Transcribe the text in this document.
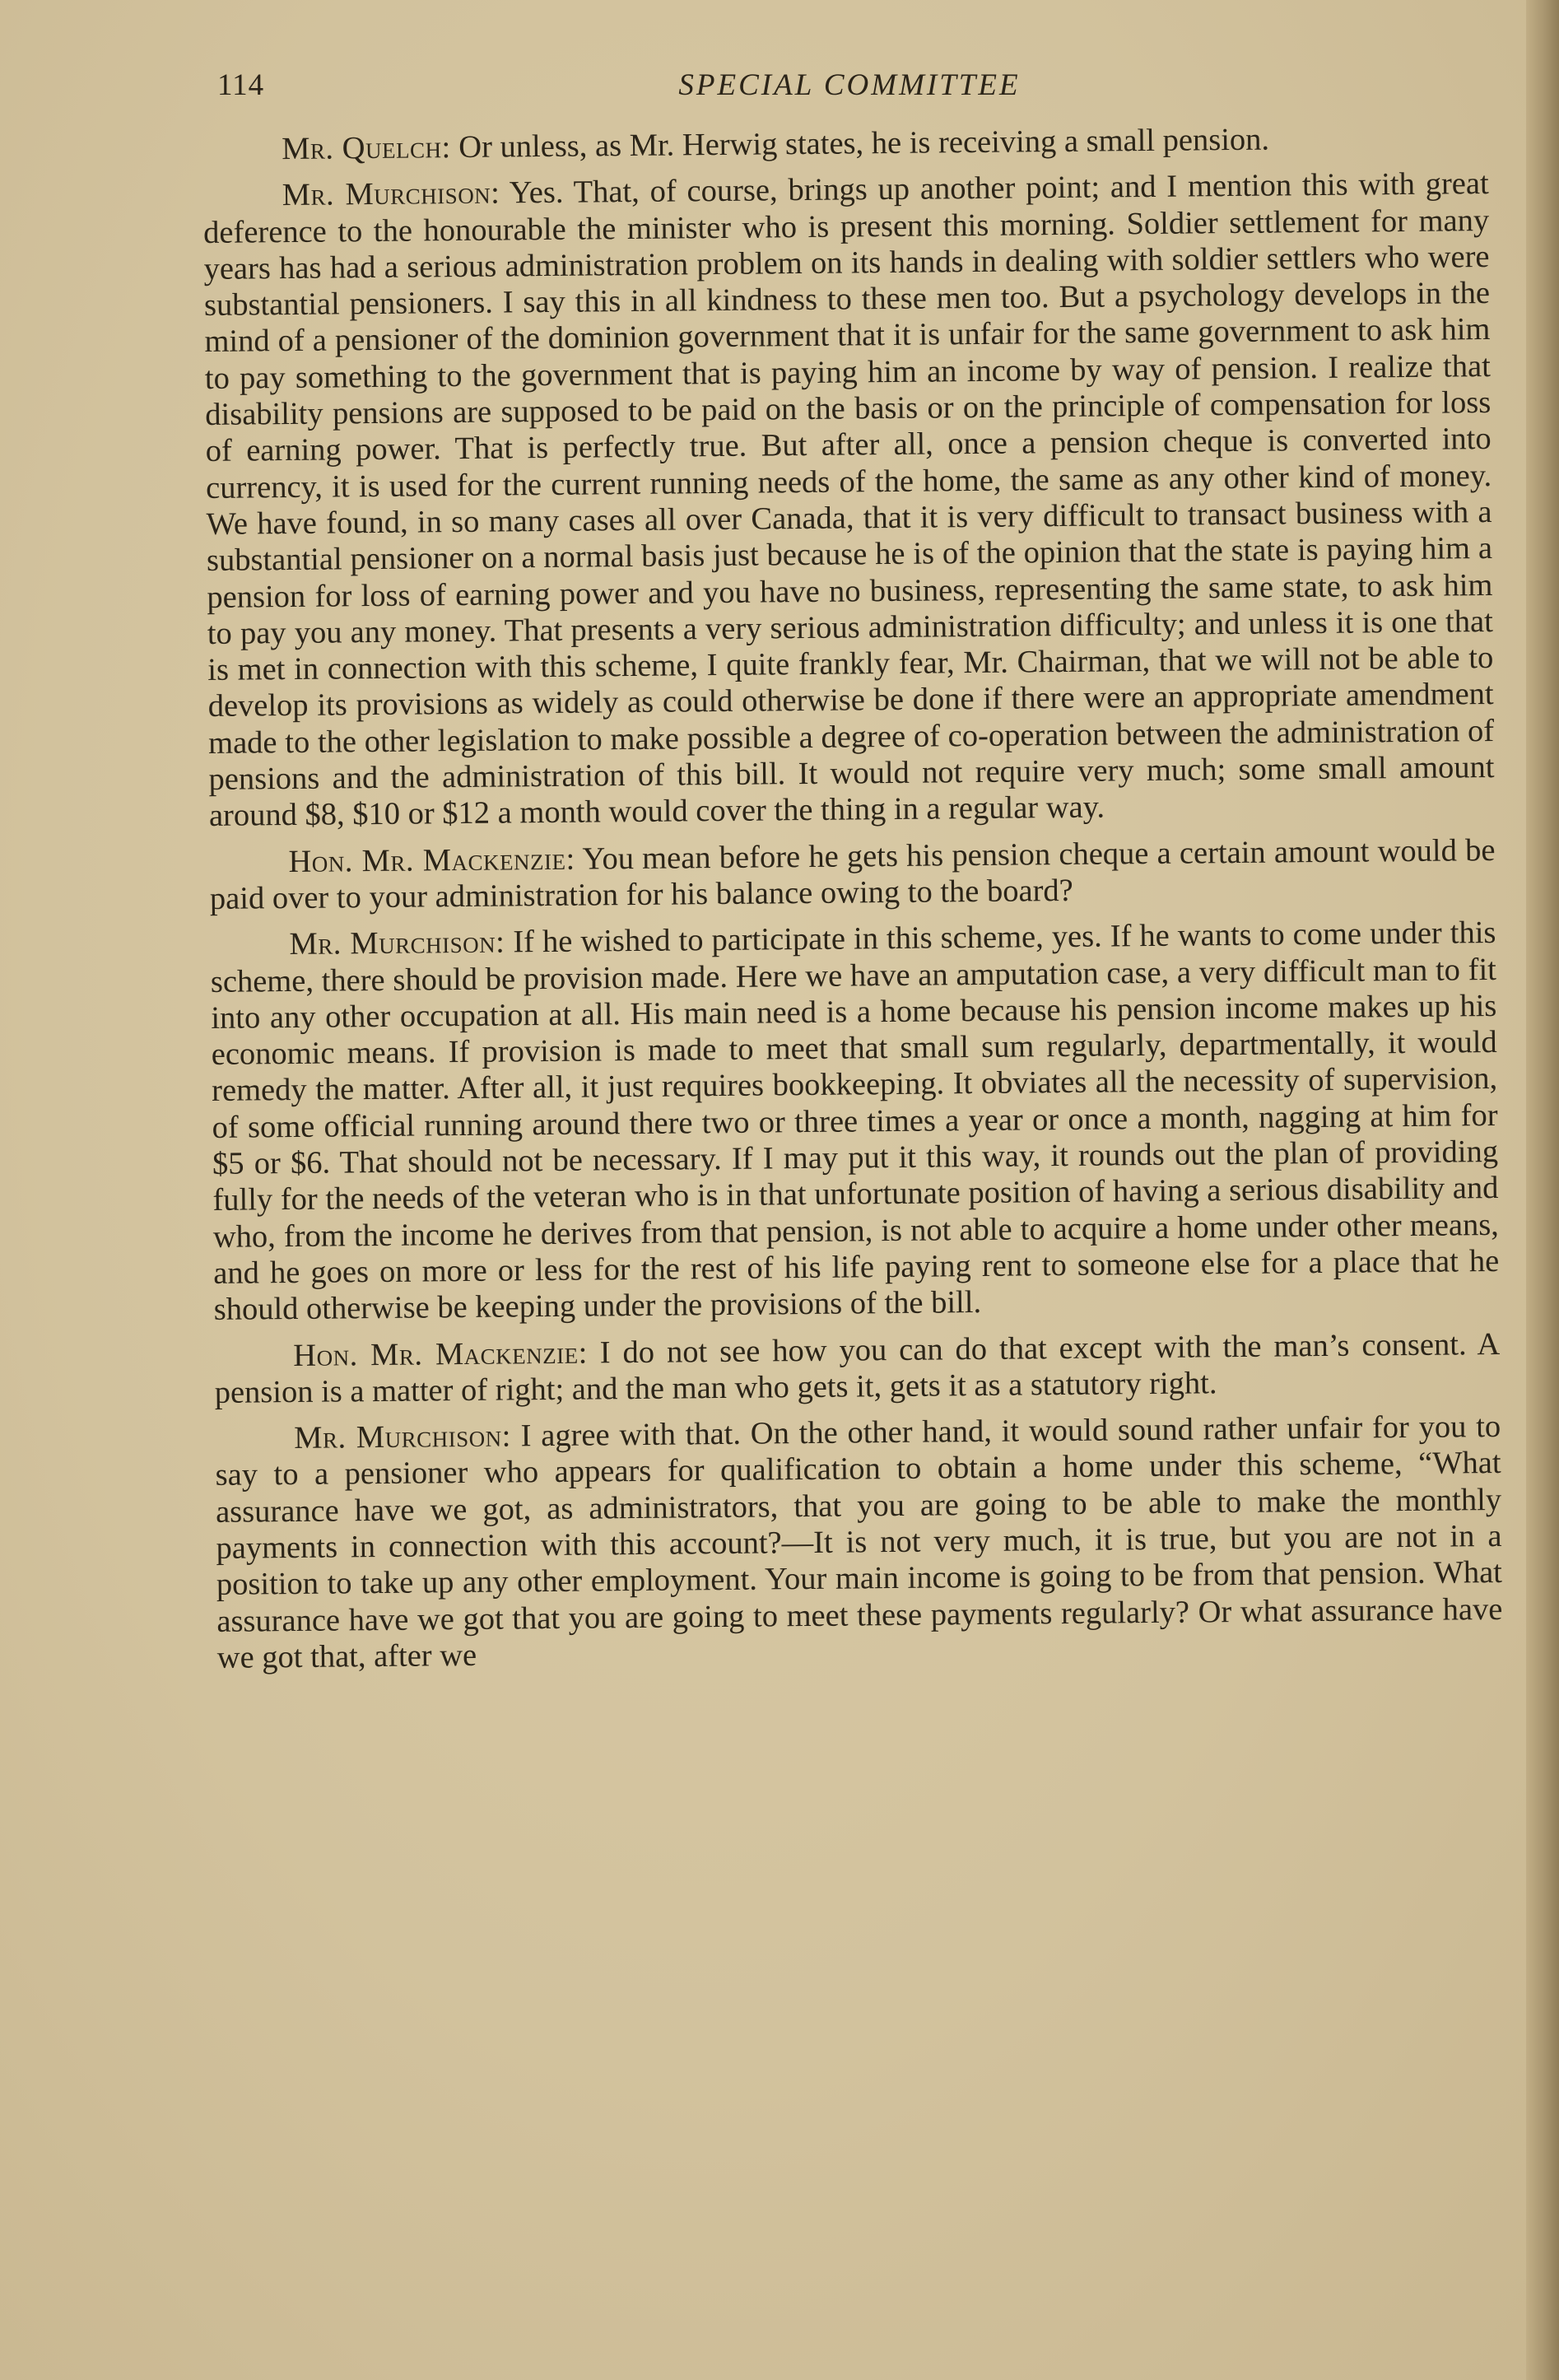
114	SPECIAL COMMITTEE

Mr. Quelch: Or unless, as Mr. Herwig states, he is receiving a small pension.

Mr. Murchison: Yes. That, of course, brings up another point; and I mention this with great deference to the honourable the minister who is present this morning. Soldier settlement for many years has had a serious administration problem on its hands in dealing with soldier settlers who were substantial pensioners. I say this in all kindness to these men too. But a psychology develops in the mind of a pensioner of the dominion government that it is unfair for the same government to ask him to pay something to the government that is paying him an income by way of pension. I realize that disability pensions are supposed to be paid on the basis or on the principle of compensation for loss of earning power. That is perfectly true. But after all, once a pension cheque is converted into currency, it is used for the current running needs of the home, the same as any other kind of money. We have found, in so many cases all over Canada, that it is very difficult to transact business with a substantial pensioner on a normal basis just because he is of the opinion that the state is paying him a pension for loss of earning power and you have no business, representing the same state, to ask him to pay you any money. That presents a very serious administration difficulty; and unless it is one that is met in connection with this scheme, I quite frankly fear, Mr. Chairman, that we will not be able to develop its provisions as widely as could otherwise be done if there were an appropriate amendment made to the other legislation to make possible a degree of co-operation between the administration of pensions and the administration of this bill. It would not require very much; some small amount around $8, $10 or $12 a month would cover the thing in a regular way.

Hon. Mr. Mackenzie: You mean before he gets his pension cheque a certain amount would be paid over to your administration for his balance owing to the board?

Mr. Murchison: If he wished to participate in this scheme, yes. If he wants to come under this scheme, there should be provision made. Here we have an amputation case, a very difficult man to fit into any other occupation at all. His main need is a home because his pension income makes up his economic means. If provision is made to meet that small sum regularly, departmentally, it would remedy the matter. After all, it just requires bookkeeping. It obviates all the necessity of supervision, of some official running around there two or three times a year or once a month, nagging at him for $5 or $6. That should not be necessary. If I may put it this way, it rounds out the plan of providing fully for the needs of the veteran who is in that unfortunate position of having a serious disability and who, from the income he derives from that pension, is not able to acquire a home under other means, and he goes on more or less for the rest of his life paying rent to someone else for a place that he should otherwise be keeping under the provisions of the bill.

Hon. Mr. Mackenzie: I do not see how you can do that except with the man’s consent. A pension is a matter of right; and the man who gets it, gets it as a statutory right.

Mr. Murchison: I agree with that. On the other hand, it would sound rather unfair for you to say to a pensioner who appears for qualification to obtain a home under this scheme, “What assurance have we got, as administrators, that you are going to be able to make the monthly payments in connection with this account?—It is not very much, it is true, but you are not in a position to take up any other employment. Your main income is going to be from that pension. What assurance have we got that you are going to meet these payments regularly? Or what assurance have we got that, after we
